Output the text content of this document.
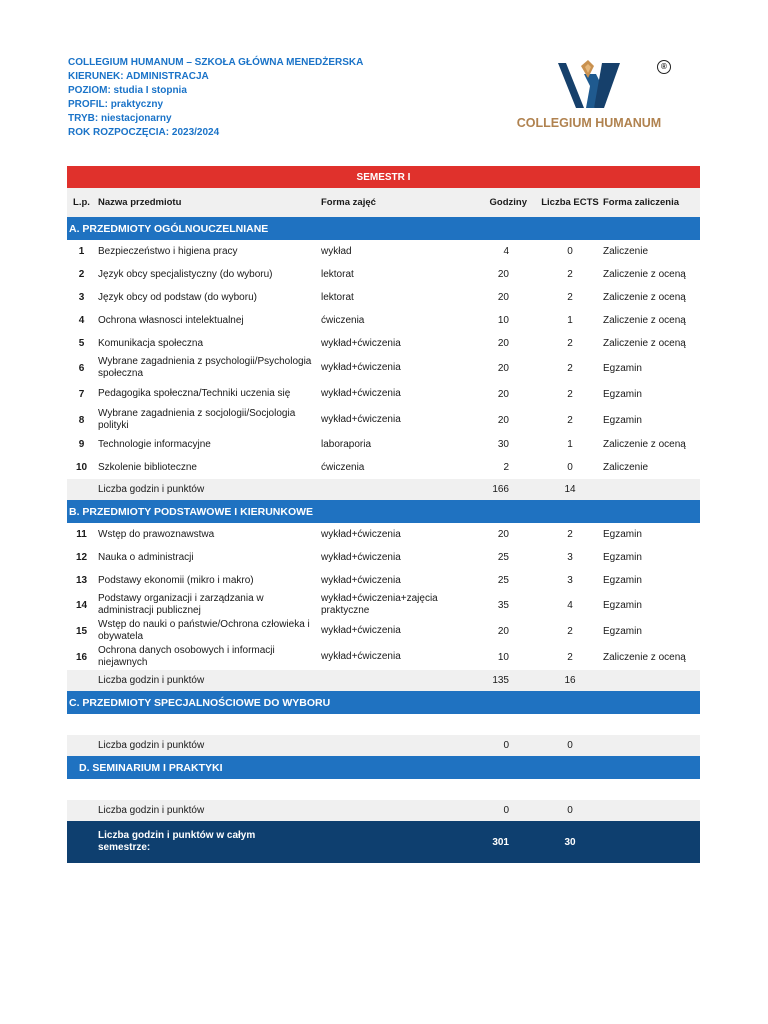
COLLEGIUM HUMANUM – SZKOŁA GŁÓWNA MENEDŻERSKA
KIERUNEK: ADMINISTRACJA
POZIOM: studia I stopnia
PROFIL: praktyczny
TRYB: niestacjonarny
ROK ROZPOCZĘCIA: 2023/2024
®
COLLEGIUM HUMANUM
SEMESTR I					
L.p.	Nazwa przedmiotu	Forma zajęć	Godziny	Liczba ECTS	Forma zaliczenia
A. PRZEDMIOTY OGÓLNOUCZELNIANE					
1	Bezpieczeństwo i higiena pracy	wykład	4	0	Zaliczenie
2	Język obcy specjalistyczny (do wyboru)	lektorat	20	2	Zaliczenie z oceną
3	Język obcy od podstaw (do wyboru)	lektorat	20	2	Zaliczenie z oceną
4	Ochrona własnosci intelektualnej	ćwiczenia	10	1	Zaliczenie z oceną
5	Komunikacja społeczna	wykład+ćwiczenia	20	2	Zaliczenie z oceną
6	Wybrane zagadnienia z psychologii/Psychologia społeczna	wykład+ćwiczenia	20	2	Egzamin
7	Pedagogika społeczna/Techniki uczenia się	wykład+ćwiczenia	20	2	Egzamin
8	Wybrane zagadnienia z socjologii/Socjologia polityki	wykład+ćwiczenia	20	2	Egzamin
9	Technologie informacyjne	laborароria	30	1	Zaliczenie z oceną
10	Szkolenie biblioteczne	ćwiczenia	2	0	Zaliczenie
	Liczba godzin i punktów		166	14	
B. PRZEDMIOTY PODSTAWOWE I KIERUNKOWE					
11	Wstęp do prawoznawstwa	wykład+ćwiczenia	20	2	Egzamin
12	Nauka o administracji	wykład+ćwiczenia	25	3	Egzamin
13	Podstawy ekonomii (mikro i makro)	wykład+ćwiczenia	25	3	Egzamin
14	Podstawy organizacji i zarządzania w administracji publicznej	wykład+ćwiczenia+zajęcia praktyczne	35	4	Egzamin
15	Wstęp do nauki o państwie/Ochrona człowieka i obywatela	wykład+ćwiczenia	20	2	Egzamin
16	Ochrona danych osobowych i informacji niejawnych	wykład+ćwiczenia	10	2	Zaliczenie z oceną
	Liczba godzin i punktów		135	16	
C. PRZEDMIOTY SPECJALNOŚCIOWE DO WYBORU					

	Liczba godzin i punktów		0	0	
D. SEMINARIUM I PRAKTYKI					

	Liczba godzin i punktów		0	0	
	Liczba godzin i punktów w całym semestrze:		301	30	
